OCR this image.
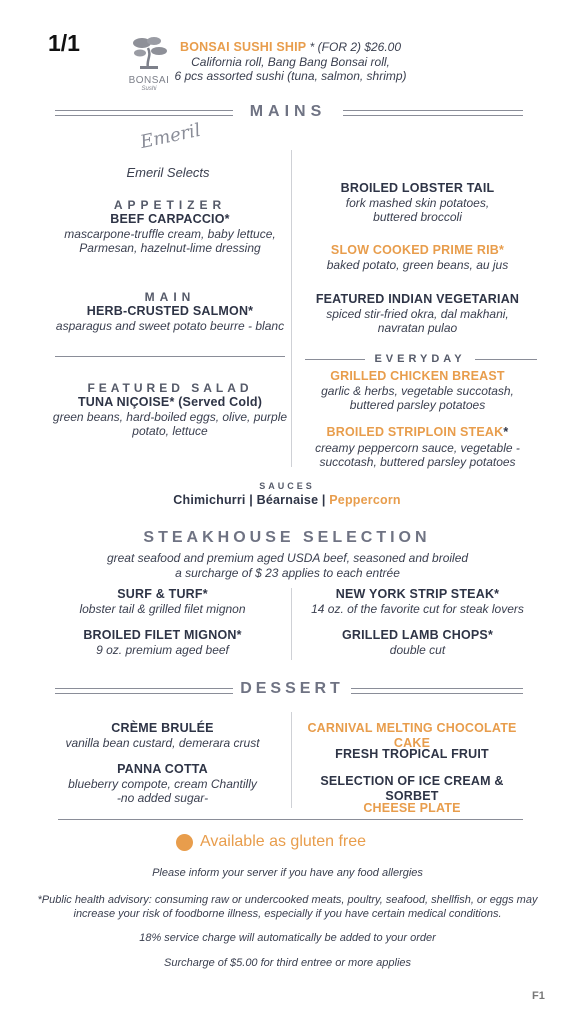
1/1
BONSAI
Sushi
BONSAI SUSHI SHIP * (FOR 2) $26.00
California roll, Bang Bang Bonsai roll,
6 pcs assorted sushi (tuna, salmon, shrimp)
MAINS
Emeril
Emeril Selects
APPETIZER
BEEF CARPACCIO*
mascarpone-truffle cream, baby lettuce,
Parmesan, hazelnut-lime dressing
MAIN
HERB-CRUSTED SALMON*
asparagus and sweet potato beurre - blanc
FEATURED SALAD
TUNA NIÇOISE* (Served Cold)
green beans, hard-boiled eggs, olive, purple
potato, lettuce
BROILED LOBSTER TAIL
fork mashed skin potatoes,
buttered broccoli
SLOW COOKED PRIME RIB*
baked potato, green beans, au jus
FEATURED INDIAN VEGETARIAN
spiced stir-fried okra, dal makhani,
navratan pulao
EVERYDAY
GRILLED CHICKEN BREAST
garlic & herbs, vegetable succotash,
buttered parsley potatoes
BROILED STRIPLOIN STEAK*
creamy peppercorn sauce, vegetable -
succotash, buttered parsley potatoes
SAUCES
Chimichurri | Béarnaise | Peppercorn
STEAKHOUSE SELECTION
great seafood and premium aged USDA beef, seasoned and broiled
a surcharge of $ 23 applies to each entrée
SURF & TURF*
lobster tail & grilled filet mignon
BROILED FILET MIGNON*
9 oz. premium aged beef
NEW YORK STRIP STEAK*
14 oz. of the favorite cut for steak lovers
GRILLED LAMB CHOPS*
double cut
DESSERT
CRÈME BRULÉE
vanilla bean custard, demerara crust
PANNA COTTA
blueberry compote, cream Chantilly
-no added sugar-
CARNIVAL MELTING CHOCOLATE CAKE
FRESH TROPICAL FRUIT
SELECTION OF ICE CREAM & SORBET
CHEESE PLATE
Available as gluten free
Please inform your server if you have any food allergies
*Public health advisory: consuming raw or undercooked meats, poultry, seafood, shellfish, or eggs may
increase your risk of foodborne illness, especially if you have certain medical conditions.
18% service charge will automatically be added to your order
Surcharge of $5.00 for third entree or more applies
F1
